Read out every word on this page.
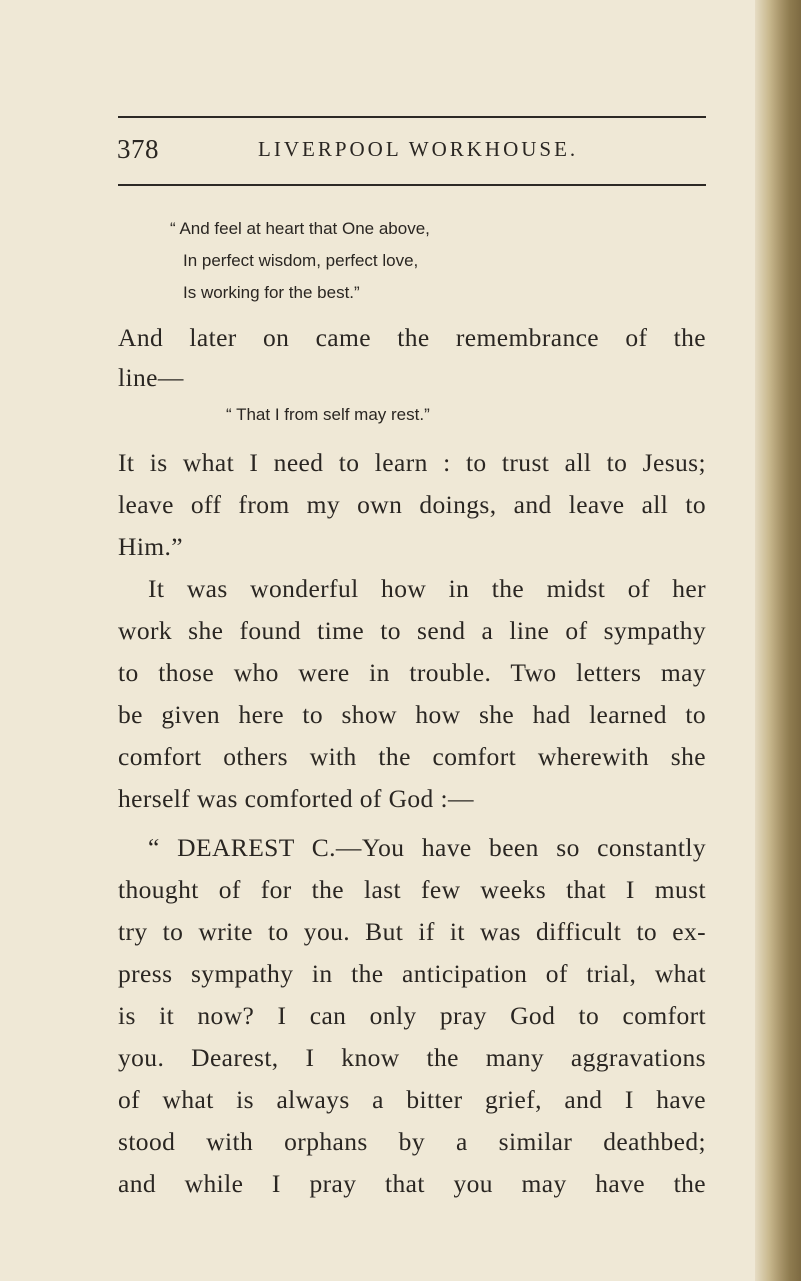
378	LIVERPOOL WORKHOUSE.
“ And feel at heart that One above,
In perfect wisdom, perfect love,
Is working for the best.”
And later on came the remembrance of the
line—
“ That I from self may rest.”
It is what I need to learn : to trust all to Jesus;
leave off from my own doings, and leave all to
Him.”
It was wonderful how in the midst of her
work she found time to send a line of sympathy
to those who were in trouble. Two letters may
be given here to show how she had learned to
comfort others with the comfort wherewith she
herself was comforted of God :—
“ DEAREST C.—You have been so constantly
thought of for the last few weeks that I must
try to write to you. But if it was difficult to ex-
press sympathy in the anticipation of trial, what
is it now? I can only pray God to comfort
you. Dearest, I know the many aggravations
of what is always a bitter grief, and I have
stood with orphans by a similar deathbed;
and while I pray that you may have the
